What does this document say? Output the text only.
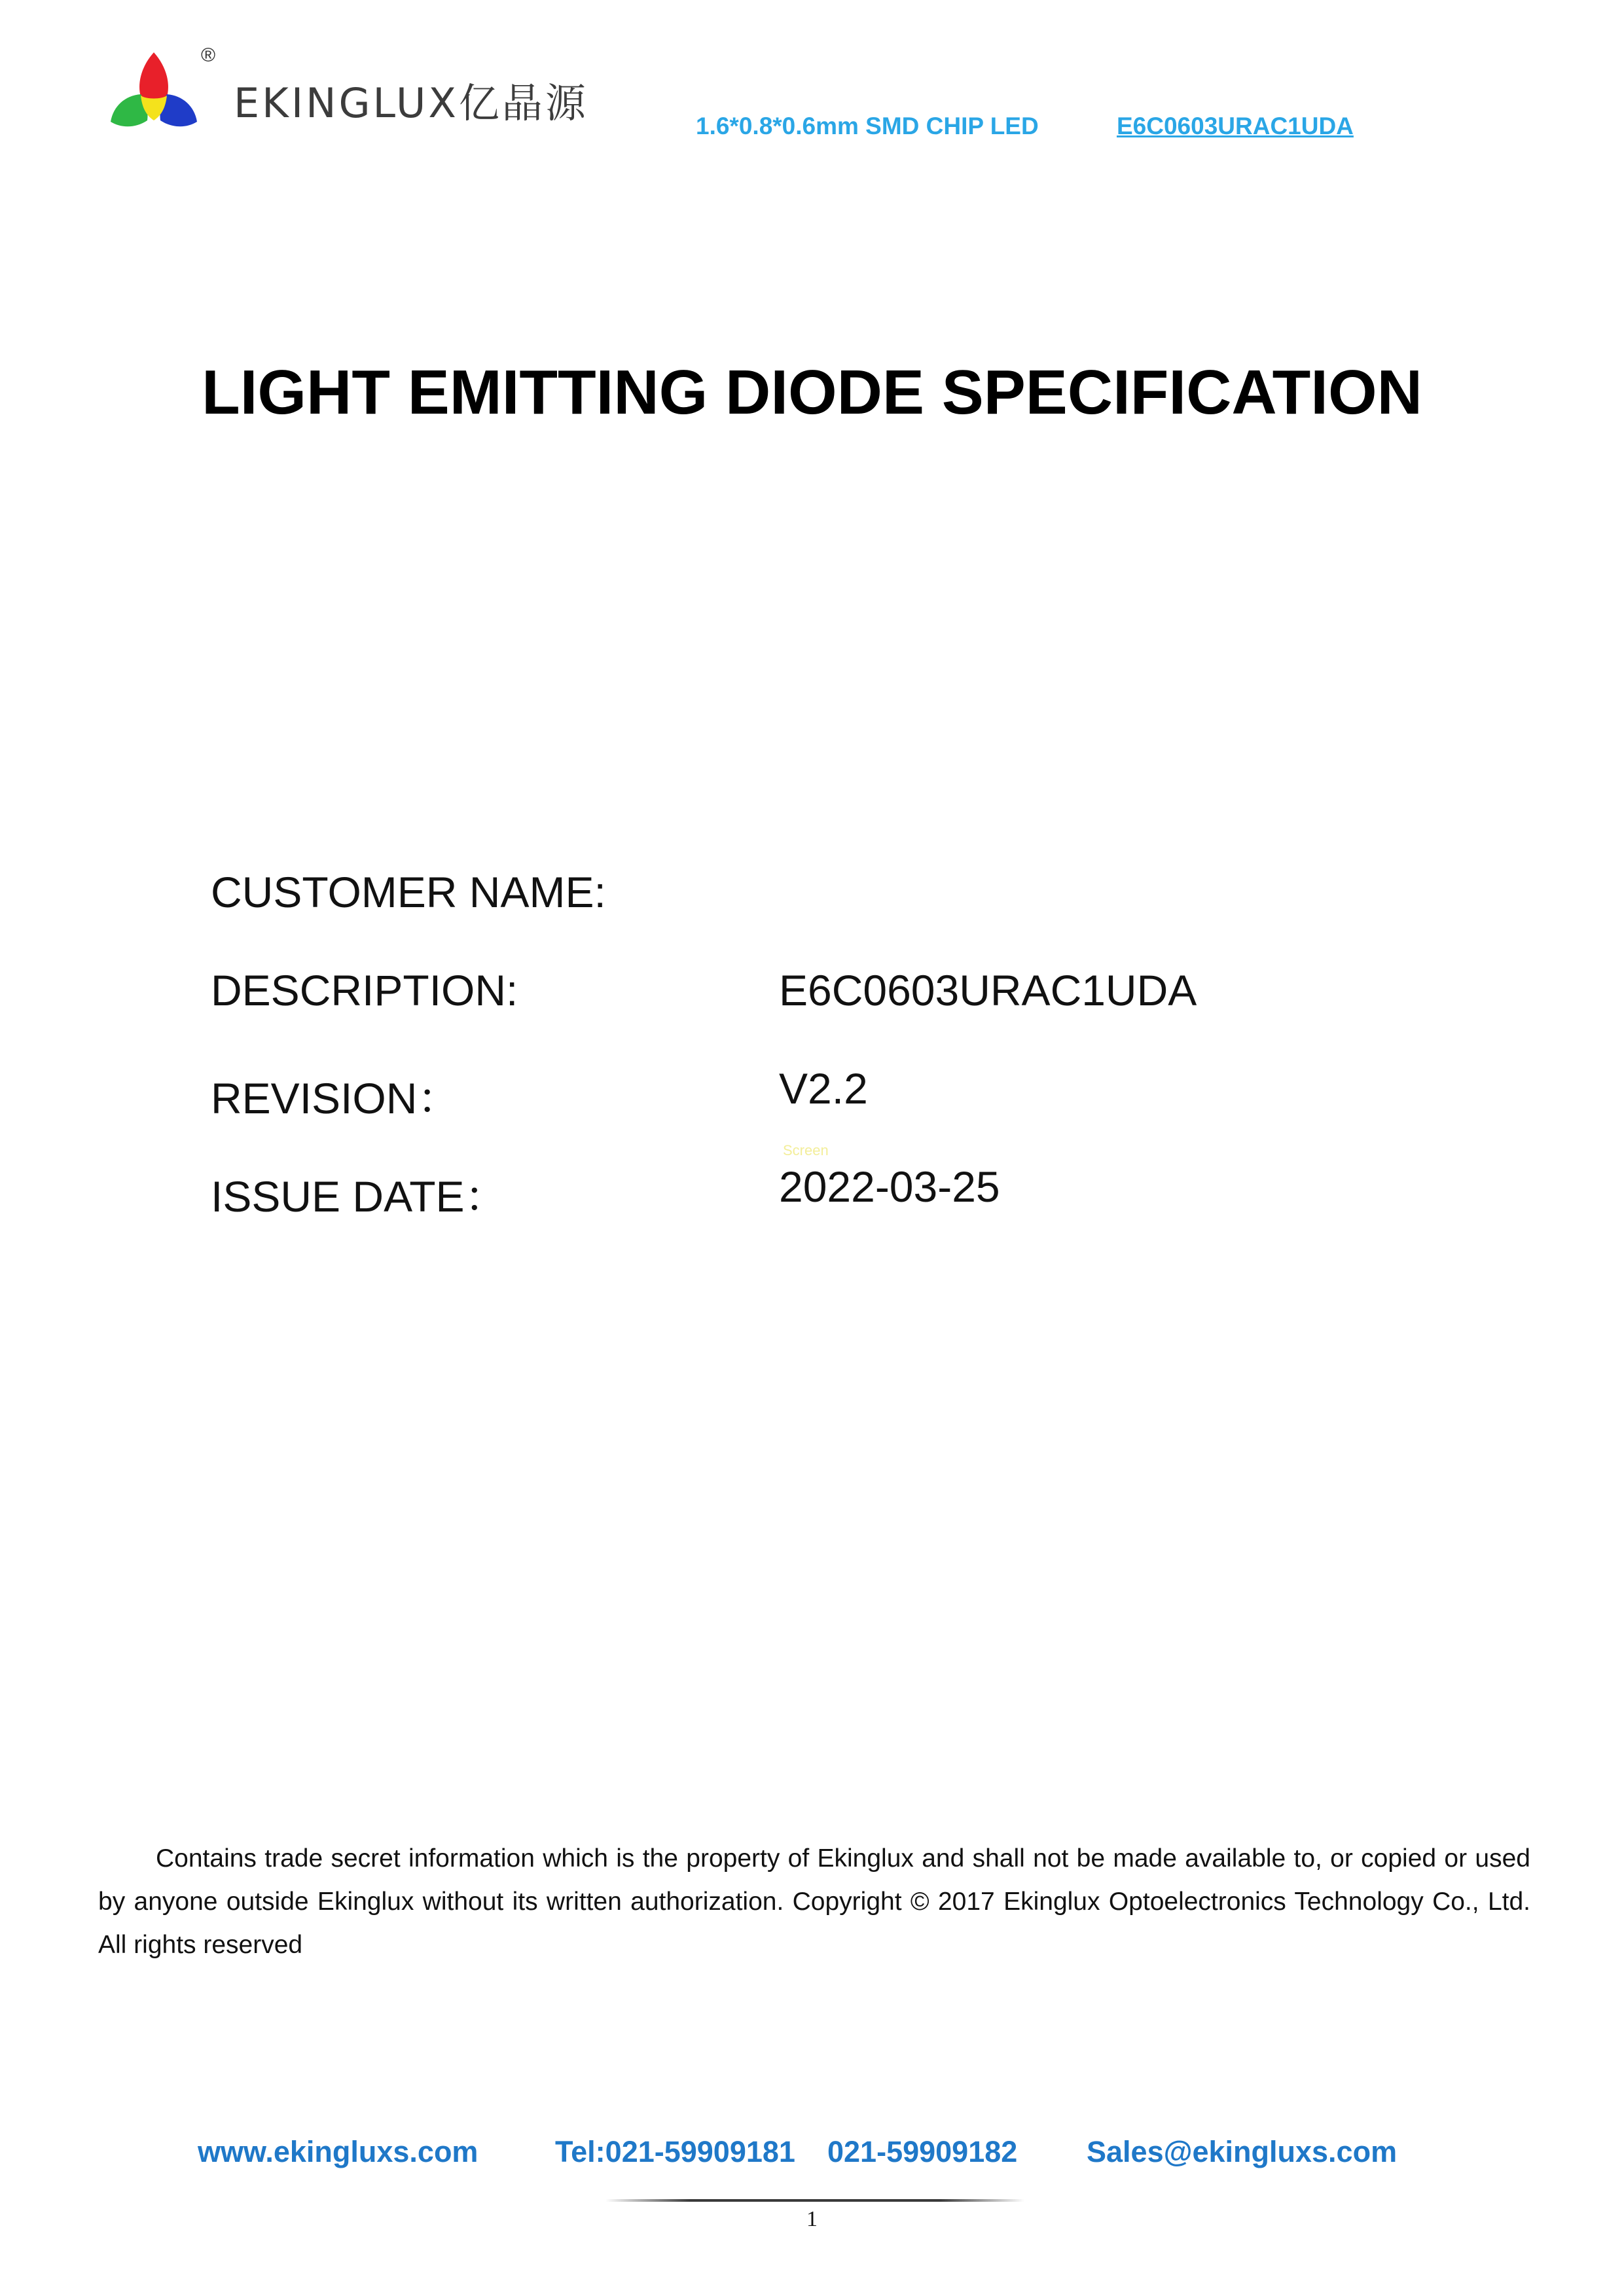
®
EKINGLUX亿晶源	1.6*0.8*0.6mm SMD CHIP LED	E6C0603URAC1UDA
LIGHT EMITTING DIODE SPECIFICATION
CUSTOMER NAME:
DESCRIPTION:	E6C0603URAC1UDA
REVISION：	V2.2
Screen
ISSUE DATE：	2022-03-25

Contains trade secret information which is the property of Ekinglux and shall not be made available to, or copied or used by anyone outside Ekinglux without its written authorization. Copyright © 2017 Ekinglux Optoelectronics Technology Co., Ltd. All rights reserved

www.ekingluxs.com	Tel:021-59909181 021-59909182 Sales@ekingluxs.com
1
